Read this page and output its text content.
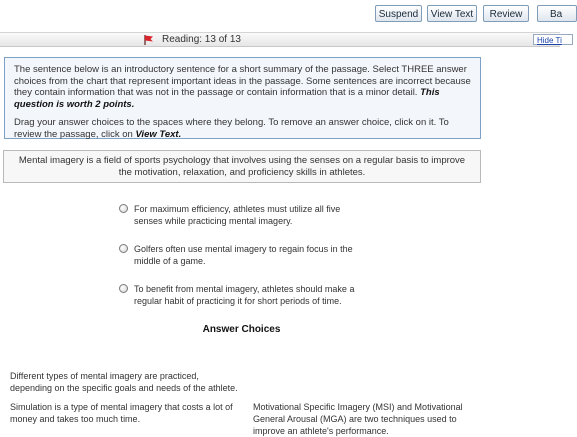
Suspend	View Text	Review	Ba
Reading: 13 of 13	Hide Ti

The sentence below is an introductory sentence for a short summary of the passage. Select THREE answer choices from the chart that represent important ideas in the passage. Some sentences are incorrect because they contain information that was not in the passage or contain information that is a minor detail. This question is worth 2 points.

Drag your answer choices to the spaces where they belong. To remove an answer choice, click on it. To review the passage, click on View Text.

Mental imagery is a field of sports psychology that involves using the senses on a regular basis to improve the motivation, relaxation, and proficiency skills in athletes.
For maximum efficiency, athletes must utilize all five senses while practicing mental imagery.
Golfers often use mental imagery to regain focus in the middle of a game.
To benefit from mental imagery, athletes should make a regular habit of practicing it for short periods of time.
Answer Choices
Different types of mental imagery are practiced, depending on the specific goals and needs of the athlete.
Simulation is a type of mental imagery that costs a lot of money and takes too much time.
Motivational Specific Imagery (MSI) and Motivational General Arousal (MGA) are two techniques used to improve an athlete's performance.
